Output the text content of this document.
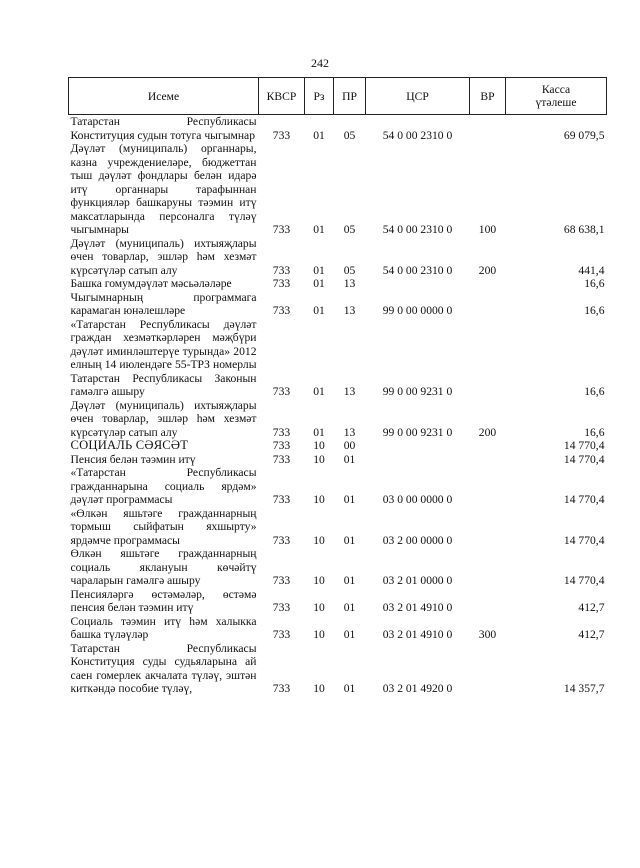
242
Исеме	КВСР	Рз	ПР	ЦСР	ВР	Касса
үтәлеше
Татарстан Республикасы Конституция судын тотуга чыгымнар	733	01	05	54 0 00 2310 0		69 079,5
Дәүләт (муниципаль) органнары, казна учреждениеләре, бюджеттан тыш дәүләт фондлары белән идарә итү органнары тарафыннан функцияләр башкаруны тәэмин итү максатларында персоналга түләү чыгымнары	733	01	05	54 0 00 2310 0	100	68 638,1
Дәүләт (муниципаль) ихтыяҗлары өчен товарлар, эшләр һәм хезмәт күрсәтүләр сатып алу	733	01	05	54 0 00 2310 0	200	441,4
Башка гомумдәүләт мәсьәләләре	733	01	13			16,6
Чыгымнарның программага карамаган юнәлешләре	733	01	13	99 0 00 0000 0		16,6
«Татарстан Республикасы дәүләт граждан хезмәткәрләрен мәҗбүри дәүләт иминләштерүе турында» 2012 елның 14 июлендәге 55-ТРЗ номерлы Татарстан Республикасы Законын гамәлгә ашыру	733	01	13	99 0 00 9231 0		16,6
Дәүләт (муниципаль) ихтыяҗлары өчен товарлар, эшләр һәм хезмәт күрсәтүләр сатып алу	733	01	13	99 0 00 9231 0	200	16,6
СОЦИАЛЬ СӘЯСӘТ	733	10	00			14 770,4
Пенсия белән тәэмин итү	733	10	01			14 770,4
«Татарстан Республикасы гражданнарына социаль ярдәм» дәүләт программасы	733	10	01	03 0 00 0000 0		14 770,4
«Өлкән яшьтәге гражданнарның тормыш сыйфатын яхшырту» ярдәмче программасы	733	10	01	03 2 00 0000 0		14 770,4
Өлкән яшьтәге гражданнарның социаль яклануын көчәйтү чараларын гамәлгә ашыру	733	10	01	03 2 01 0000 0		14 770,4
Пенсияләргә өстәмәләр, өстәмә пенсия белән тәэмин итү	733	10	01	03 2 01 4910 0		412,7
Социаль тәэмин итү һәм халыкка башка түләүләр	733	10	01	03 2 01 4910 0	300	412,7
Татарстан Республикасы Конституция суды судьяларына ай саен гомерлек акчалата түләү, эштән киткәндә пособие түләү,	733	10	01	03 2 01 4920 0		14 357,7
